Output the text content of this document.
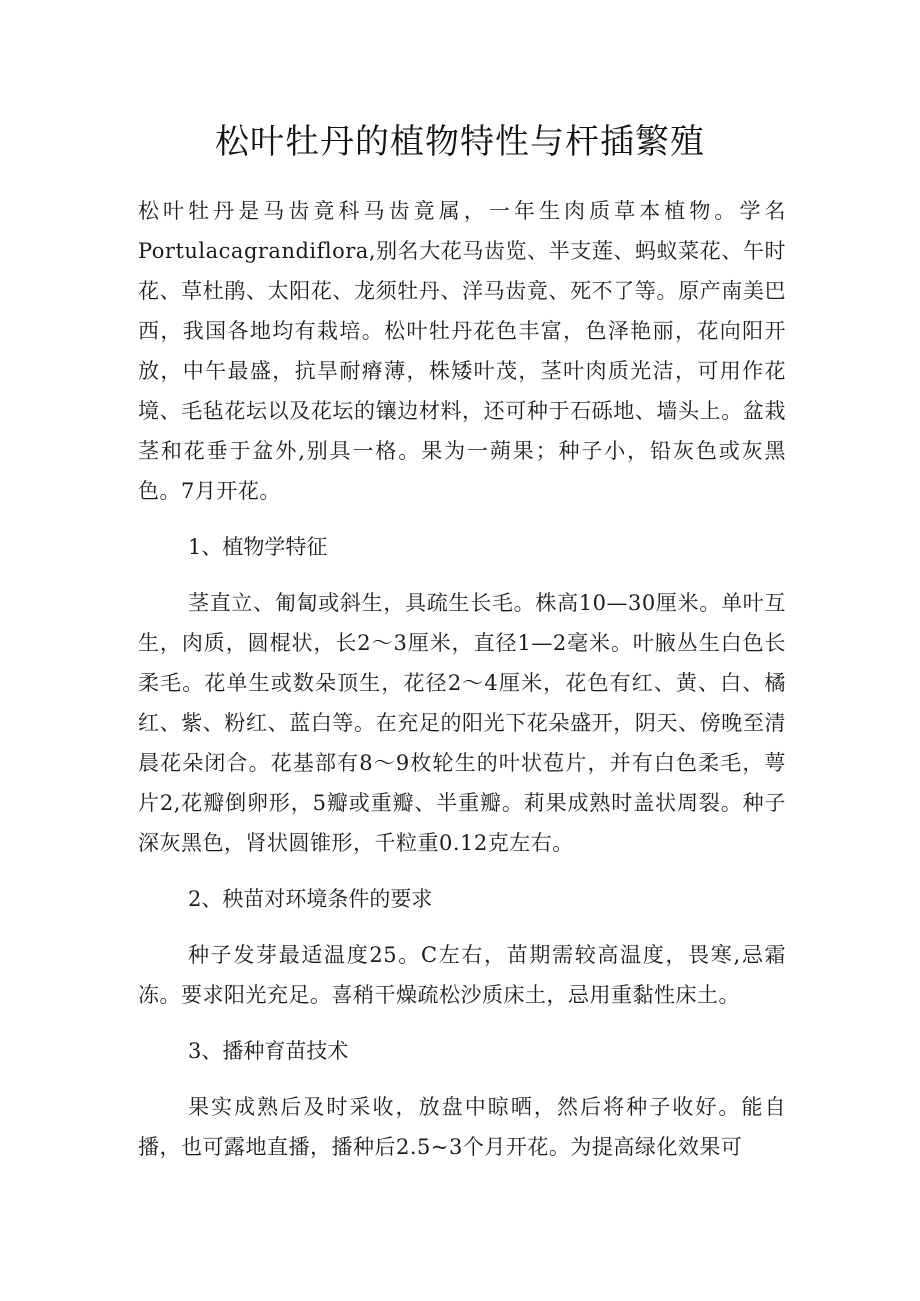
松叶牡丹的植物特性与杆插繁殖

松叶牡丹是马齿竟科马齿竟属，一年生肉质草本植物。学名Portulacagrandiflora,别名大花马齿览、半支莲、蚂蚁菜花、午时花、草杜鹃、太阳花、龙须牡丹、洋马齿竟、死不了等。原产南美巴西，我国各地均有栽培。松叶牡丹花色丰富，色泽艳丽，花向阳开放，中午最盛，抗旱耐瘠薄，株矮叶茂，茎叶肉质光洁，可用作花境、毛毡花坛以及花坛的镶边材料，还可种于石砾地、墙头上。盆栽茎和花垂于盆外,别具一格。果为一蒴果；种子小，铅灰色或灰黑色。7月开花。

1、植物学特征

茎直立、匍匐或斜生，具疏生长毛。株高10—30厘米。单叶互生，肉质，圆棍状，长2～3厘米，直径1—2毫米。叶腋丛生白色长柔毛。花单生或数朵顶生，花径2～4厘米，花色有红、黄、白、橘红、紫、粉红、蓝白等。在充足的阳光下花朵盛开，阴天、傍晚至清晨花朵闭合。花基部有8～9枚轮生的叶状苞片，并有白色柔毛，萼片2,花瓣倒卵形，5瓣或重瓣、半重瓣。莉果成熟时盖状周裂。种子深灰黑色，肾状圆锥形，千粒重0.12克左右。

2、秧苗对环境条件的要求

种子发芽最适温度25。C左右，苗期需较高温度，畏寒,忌霜冻。要求阳光充足。喜稍干燥疏松沙质床土，忌用重黏性床土。

3、播种育苗技术

果实成熟后及时采收，放盘中晾晒，然后将种子收好。能自播，也可露地直播，播种后2.5~3个月开花。为提高绿化效果可
